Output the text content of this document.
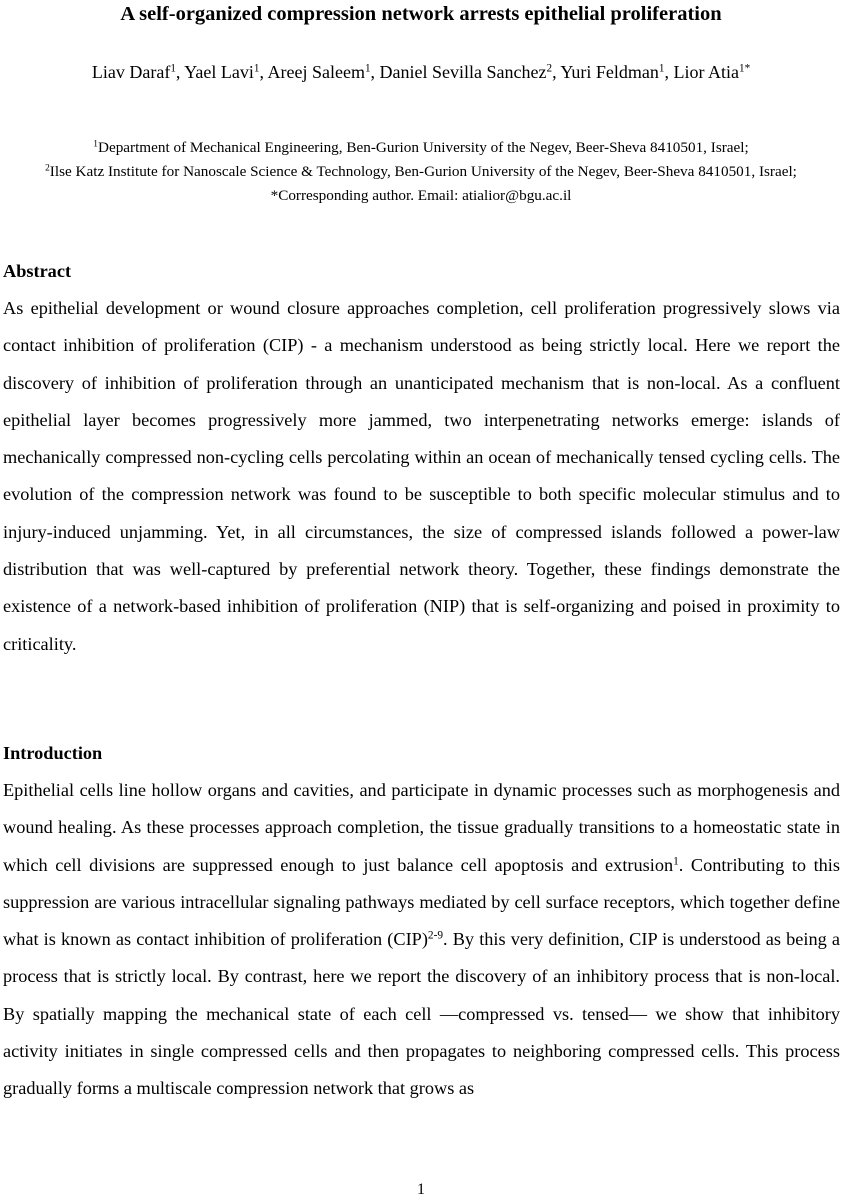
A self-organized compression network arrests epithelial proliferation
Liav Daraf$^1$, Yael Lavi$^1$, Areej Saleem$^1$, Daniel Sevilla Sanchez$^2$, Yuri Feldman$^1$, Lior Atia$^{1*}$
$^1$Department of Mechanical Engineering, Ben-Gurion University of the Negev, Beer-Sheva 8410501, Israel;
$^2$Ilse Katz Institute for Nanoscale Science & Technology, Ben-Gurion University of the Negev, Beer-Sheva 8410501, Israel;
*Corresponding author. Email: atialior@bgu.ac.il
Abstract

As epithelial development or wound closure approaches completion, cell proliferation progressively slows via contact inhibition of proliferation (CIP) - a mechanism understood as being strictly local. Here we report the discovery of inhibition of proliferation through an unanticipated mechanism that is non-local. As a confluent epithelial layer becomes progressively more jammed, two interpenetrating networks emerge: islands of mechanically compressed non-cycling cells percolating within an ocean of mechanically tensed cycling cells. The evolution of the compression network was found to be susceptible to both specific molecular stimulus and to injury-induced unjamming. Yet, in all circumstances, the size of compressed islands followed a power-law distribution that was well-captured by preferential network theory. Together, these findings demonstrate the existence of a network-based inhibition of proliferation (NIP) that is self-organizing and poised in proximity to criticality.

Introduction

Epithelial cells line hollow organs and cavities, and participate in dynamic processes such as morphogenesis and wound healing. As these processes approach completion, the tissue gradually transitions to a homeostatic state in which cell divisions are suppressed enough to just balance cell apoptosis and extrusion$^1$. Contributing to this suppression are various intracellular signaling pathways mediated by cell surface receptors, which together define what is known as contact inhibition of proliferation (CIP)$^{2-9}$. By this very definition, CIP is understood as being a process that is strictly local. By contrast, here we report the discovery of an inhibitory process that is non-local. By spatially mapping the mechanical state of each cell —compressed vs. tensed— we show that inhibitory activity initiates in single compressed cells and then propagates to neighboring compressed cells. This process gradually forms a multiscale compression network that grows as

1
